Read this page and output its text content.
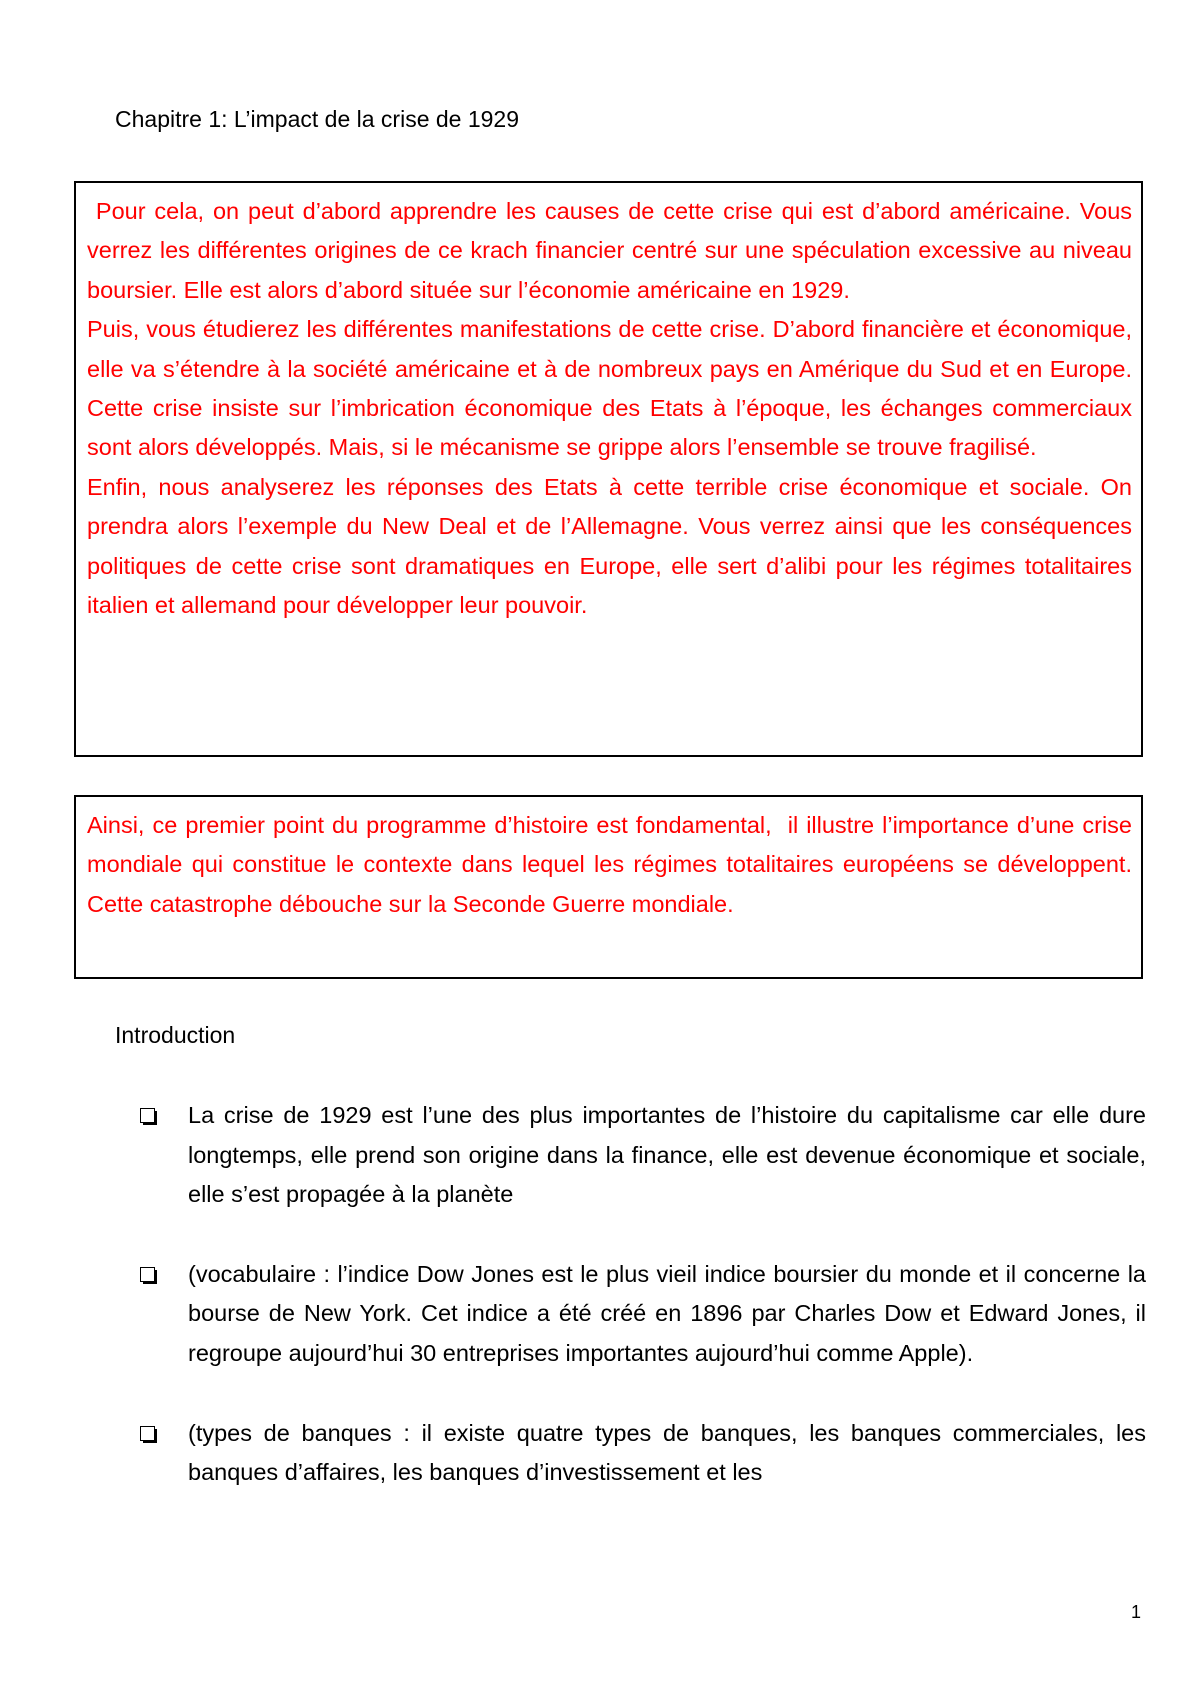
Chapitre 1: L’impact de la crise de 1929

Pour cela, on peut d’abord apprendre les causes de cette crise qui est d’abord américaine. Vous verrez les différentes origines de ce krach financier centré sur une spéculation excessive au niveau boursier. Elle est alors d’abord située sur l’économie américaine en 1929.

Puis, vous étudierez les différentes manifestations de cette crise. D’abord financière et économique, elle va s’étendre à la société américaine et à de nombreux pays en Amérique du Sud et en Europe. Cette crise insiste sur l’imbrication économique des Etats à l’époque, les échanges commerciaux sont alors développés. Mais, si le mécanisme se grippe alors l’ensemble se trouve fragilisé.

Enfin, nous analyserez les réponses des Etats à cette terrible crise économique et sociale. On prendra alors l’exemple du New Deal et de l’Allemagne. Vous verrez ainsi que les conséquences politiques de cette crise sont dramatiques en Europe, elle sert d’alibi pour les régimes totalitaires italien et allemand pour développer leur pouvoir.

Ainsi, ce premier point du programme d’histoire est fondamental,  il illustre l’importance d’une crise mondiale qui constitue le contexte dans lequel les régimes totalitaires européens se développent. Cette catastrophe débouche sur la Seconde Guerre mondiale.

Introduction
La crise de 1929 est l’une des plus importantes de l’histoire du capitalisme car elle dure longtemps, elle prend son origine dans la finance, elle est devenue économique et sociale, elle s’est propagée à la planète
(vocabulaire : l’indice Dow Jones est le plus vieil indice boursier du monde et il concerne la bourse de New York. Cet indice a été créé en 1896 par Charles Dow et Edward Jones, il regroupe aujourd’hui 30 entreprises importantes aujourd’hui comme Apple).
(types de banques : il existe quatre types de banques, les banques commerciales, les banques d’affaires, les banques d’investissement et les
1
